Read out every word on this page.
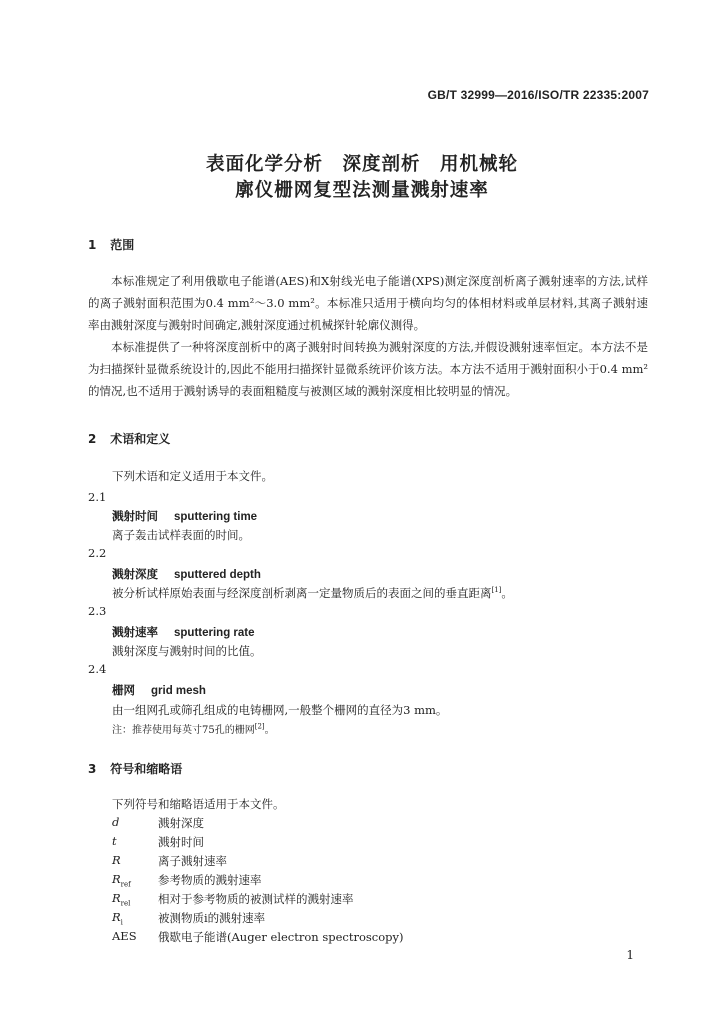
GB/T 32999—2016/ISO/TR 22335:2007
表面化学分析　深度剖析　用机械轮
廓仪栅网复型法测量溅射速率
1 范围
本标准规定了利用俄歇电子能谱(AES)和X射线光电子能谱(XPS)测定深度剖析离子溅射速率的方法,试样的离子溅射面积范围为0.4 mm²～3.0 mm²。本标准只适用于横向均匀的体相材料或单层材料,其离子溅射速率由溅射深度与溅射时间确定,溅射深度通过机械探针轮廓仪测得。
本标准提供了一种将深度剖析中的离子溅射时间转换为溅射深度的方法,并假设溅射速率恒定。本方法不是为扫描探针显微系统设计的,因此不能用扫描探针显微系统评价该方法。本方法不适用于溅射面积小于0.4 mm²的情况,也不适用于溅射诱导的表面粗糙度与被测区域的溅射深度相比较明显的情况。
2 术语和定义
下列术语和定义适用于本文件。
2.1
溅射时间 sputtering time
离子轰击试样表面的时间。
2.2
溅射深度 sputtered depth
被分析试样原始表面与经深度剖析剥离一定量物质后的表面之间的垂直距离[1]。
2.3
溅射速率 sputtering rate
溅射深度与溅射时间的比值。
2.4
栅网 grid mesh
由一组网孔或筛孔组成的电铸栅网,一般整个栅网的直径为3 mm。
注：推荐使用每英寸75孔的栅网[2]。
3 符号和缩略语
下列符号和缩略语适用于本文件。
d	溅射深度
t	溅射时间
R	离子溅射速率
$R_{ref}$ 参考物质的溅射速率
$R_{rel}$ 相对于参考物质的被测试样的溅射速率
$R_i$	被测物质i的溅射速率
AES 俄歇电子能谱(Auger electron spectroscopy)
1
